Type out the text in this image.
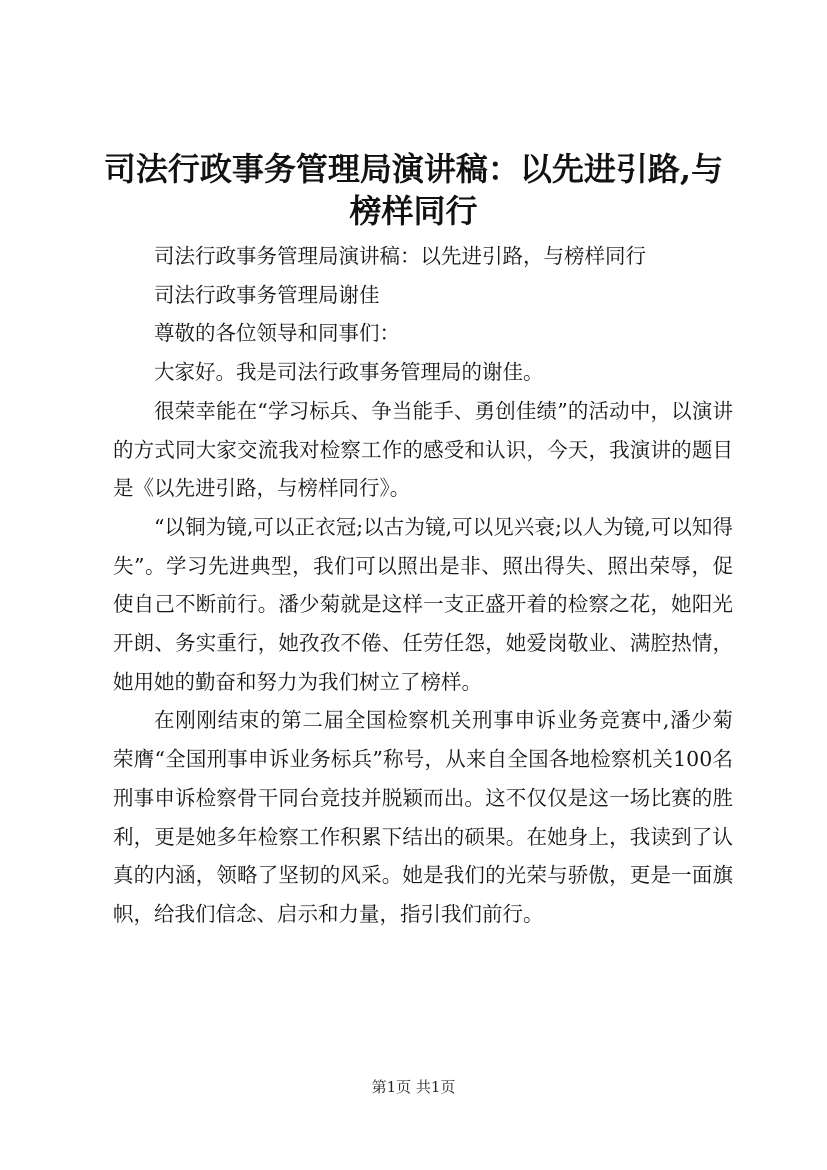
司法行政事务管理局演讲稿：以先进引路,与榜样同行

司法行政事务管理局演讲稿：以先进引路，与榜样同行

司法行政事务管理局谢佳

尊敬的各位领导和同事们：

大家好。我是司法行政事务管理局的谢佳。

很荣幸能在“学习标兵、争当能手、勇创佳绩”的活动中，以演讲的方式同大家交流我对检察工作的感受和认识，今天，我演讲的题目是《以先进引路，与榜样同行》。

“以铜为镜,可以正衣冠;以古为镜,可以见兴衰;以人为镜,可以知得失”。学习先进典型，我们可以照出是非、照出得失、照出荣辱，促使自己不断前行。潘少菊就是这样一支正盛开着的检察之花，她阳光开朗、务实重行，她孜孜不倦、任劳任怨，她爱岗敬业、满腔热情，她用她的勤奋和努力为我们树立了榜样。

在刚刚结束的第二届全国检察机关刑事申诉业务竞赛中,潘少菊荣膺“全国刑事申诉业务标兵”称号，从来自全国各地检察机关100名刑事申诉检察骨干同台竞技并脱颖而出。这不仅仅是这一场比赛的胜利，更是她多年检察工作积累下结出的硕果。在她身上，我读到了认真的内涵，领略了坚韧的风采。她是我们的光荣与骄傲，更是一面旗帜，给我们信念、启示和力量，指引我们前行。

第1页 共1页
